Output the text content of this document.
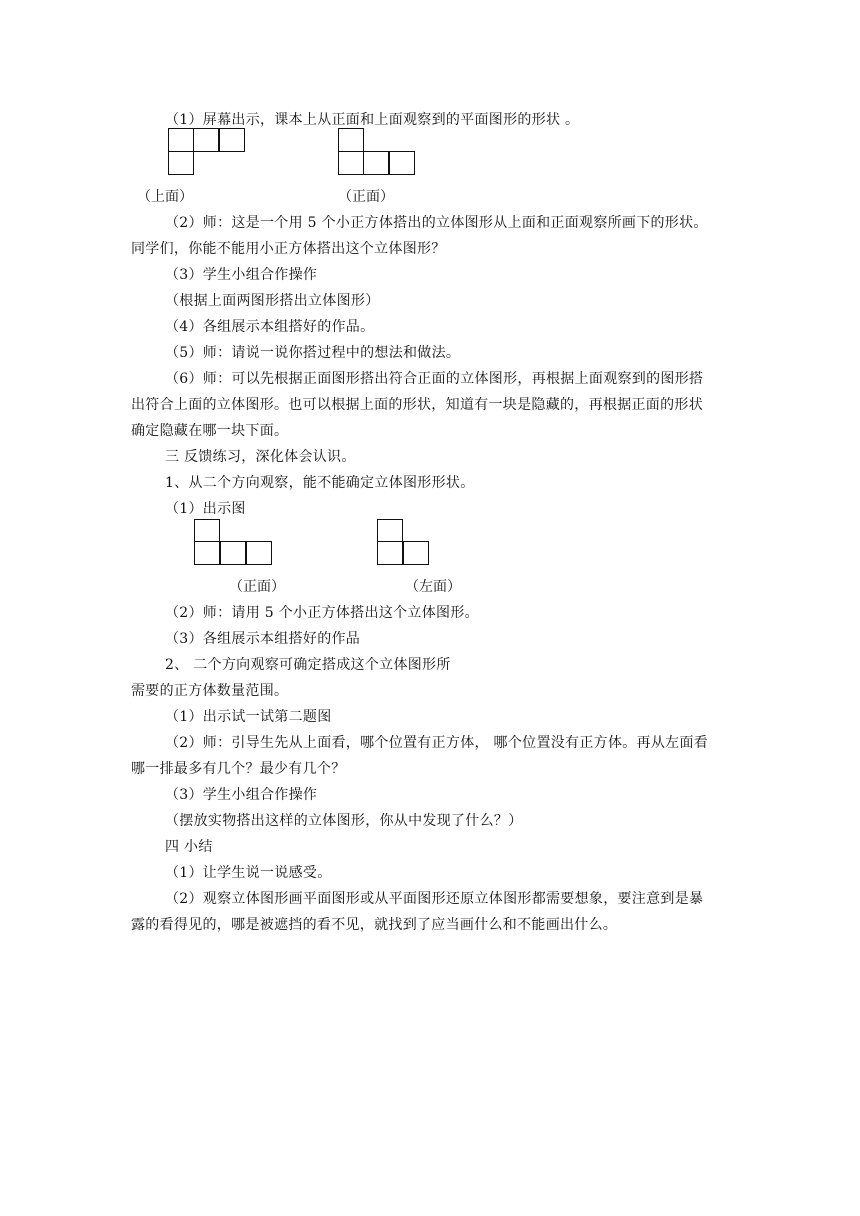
（1）屏幕出示，课本上从正面和上面观察到的平面图形的形状 。
（上面）	（正面）
（2）师：这是一个用 5 个小正方体搭出的立体图形从上面和正面观察所画下的形状。
同学们，你能不能用小正方体搭出这个立体图形？
（3）学生小组合作操作
（根据上面两图形搭出立体图形）
（4）各组展示本组搭好的作品。
（5）师：请说一说你搭过程中的想法和做法。
（6）师：可以先根据正面图形搭出符合正面的立体图形，再根据上面观察到的图形搭
出符合上面的立体图形。也可以根据上面的形状，知道有一块是隐藏的，再根据正面的形状
确定隐藏在哪一块下面。
三 反馈练习，深化体会认识。
1、从二个方向观察，能不能确定立体图形形状。
（1）出示图
（正面）	（左面）
（2）师：请用 5 个小正方体搭出这个立体图形。
（3）各组展示本组搭好的作品
2、 二个方向观察可确定搭成这个立体图形所
需要的正方体数量范围。
（1）出示试一试第二题图
（2）师：引导生先从上面看，哪个位置有正方体， 哪个位置没有正方体。再从左面看
哪一排最多有几个？最少有几个？
（3）学生小组合作操作
（摆放实物搭出这样的立体图形，你从中发现了什么？）
四 小结
（1）让学生说一说感受。
（2）观察立体图形画平面图形或从平面图形还原立体图形都需要想象，要注意到是暴
露的看得见的，哪是被遮挡的看不见，就找到了应当画什么和不能画出什么。
